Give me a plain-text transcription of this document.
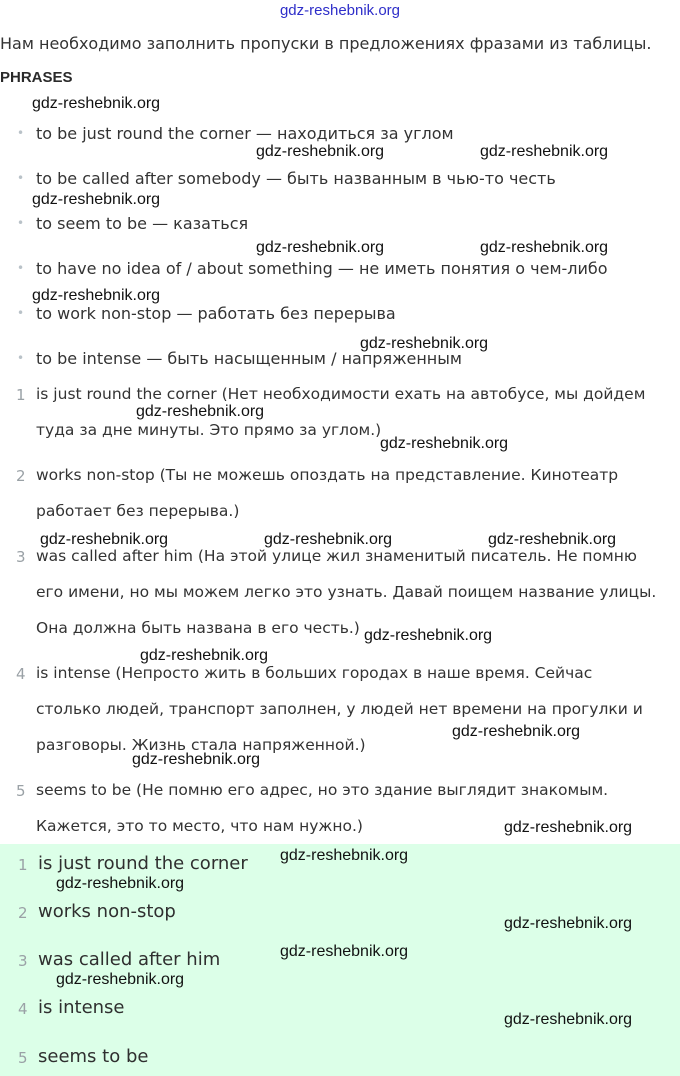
gdz-reshebnik.org
Нам необходимо заполнить пропуски в предложениях фразами из таблицы.
PHRASES
• to be just round the corner — находиться за углом
• to be called after somebody — быть названным в чью-то честь
• to seem to be — казаться
• to have no idea of / about something — не иметь понятия о чем-либо
• to work non-stop — работать без перерыва
• to be intense — быть насыщенным / напряженным
1 is just round the corner (Нет необходимости ехать на автобусе, мы дойдем
туда за дне минуты. Это прямо за углом.)
2 works non-stop (Ты не можешь опоздать на представление. Кинотеатр
работает без перерыва.)
3 was called after him (На этой улице жил знаменитый писатель. Не помню
его имени, но мы можем легко это узнать. Давай поищем название улицы.
Она должна быть названа в его честь.)
4 is intense (Непросто жить в больших городах в наше время. Сейчас
столько людей, транспорт заполнен, у людей нет времени на прогулки и
разговоры. Жизнь стала напряженной.)
5 seems to be (Не помню его адрес, но это здание выглядит знакомым.
Кажется, это то место, что нам нужно.)
1 is just round the corner
2 works non-stop
3 was called after him
4 is intense
5 seems to be
gdz-reshebnik.org
gdz-reshebnik.org	gdz-reshebnik.org
gdz-reshebnik.org
gdz-reshebnik.org	gdz-reshebnik.org
gdz-reshebnik.org
gdz-reshebnik.org
gdz-reshebnik.org
gdz-reshebnik.org
gdz-reshebnik.org	gdz-reshebnik.org	gdz-reshebnik.org
gdz-reshebnik.org
gdz-reshebnik.org
gdz-reshebnik.org
gdz-reshebnik.org
gdz-reshebnik.org
gdz-reshebnik.org
gdz-reshebnik.org
gdz-reshebnik.org
gdz-reshebnik.org
gdz-reshebnik.org
gdz-reshebnik.org
